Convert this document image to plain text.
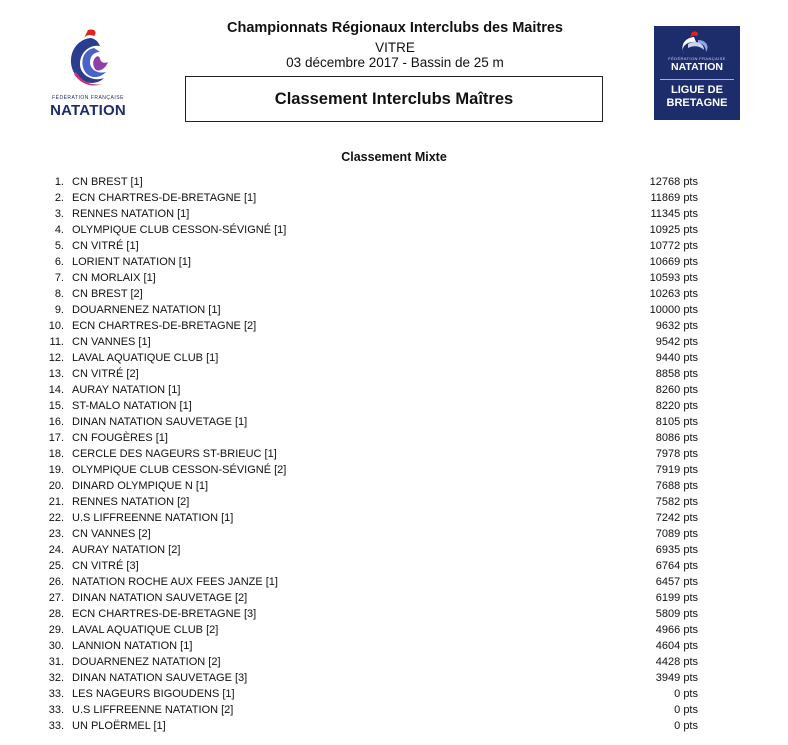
FÉDÉRATION FRANÇAISE
NATATION
Championnats Régionaux Interclubs des Maitres
VITRE
03 décembre 2017 - Bassin de 25 m
Classement Interclubs Maîtres
FÉDÉRATION FRANÇAISE
NATATION
LIGUE DE
BRETAGNE
Classement Mixte
1. CN BREST [1]	12768 pts
2. ECN CHARTRES-DE-BRETAGNE [1]	11869 pts
3. RENNES NATATION [1]	11345 pts
4. OLYMPIQUE CLUB CESSON-SÉVIGNÉ [1]	10925 pts
5. CN VITRÉ [1]	10772 pts
6. LORIENT NATATION [1]	10669 pts
7. CN MORLAIX [1]	10593 pts
8. CN BREST [2]	10263 pts
9. DOUARNENEZ NATATION [1]	10000 pts
10. ECN CHARTRES-DE-BRETAGNE [2]	9632 pts
11. CN VANNES [1]	9542 pts
12. LAVAL AQUATIQUE CLUB [1]	9440 pts
13. CN VITRÉ [2]	8858 pts
14. AURAY NATATION [1]	8260 pts
15. ST-MALO NATATION [1]	8220 pts
16. DINAN NATATION SAUVETAGE [1]	8105 pts
17. CN FOUGÈRES [1]	8086 pts
18. CERCLE DES NAGEURS ST-BRIEUC [1]	7978 pts
19. OLYMPIQUE CLUB CESSON-SÉVIGNÉ [2]	7919 pts
20. DINARD OLYMPIQUE N [1]	7688 pts
21. RENNES NATATION [2]	7582 pts
22. U.S LIFFREENNE NATATION [1]	7242 pts
23. CN VANNES [2]	7089 pts
24. AURAY NATATION [2]	6935 pts
25. CN VITRÉ [3]	6764 pts
26. NATATION ROCHE AUX FEES JANZE [1]	6457 pts
27. DINAN NATATION SAUVETAGE [2]	6199 pts
28. ECN CHARTRES-DE-BRETAGNE [3]	5809 pts
29. LAVAL AQUATIQUE CLUB [2]	4966 pts
30. LANNION NATATION [1]	4604 pts
31. DOUARNENEZ NATATION [2]	4428 pts
32. DINAN NATATION SAUVETAGE [3]	3949 pts
33. LES NAGEURS BIGOUDENS [1]	0 pts
33. U.S LIFFREENNE NATATION [2]	0 pts
33. UN PLOËRMEL [1]	0 pts
